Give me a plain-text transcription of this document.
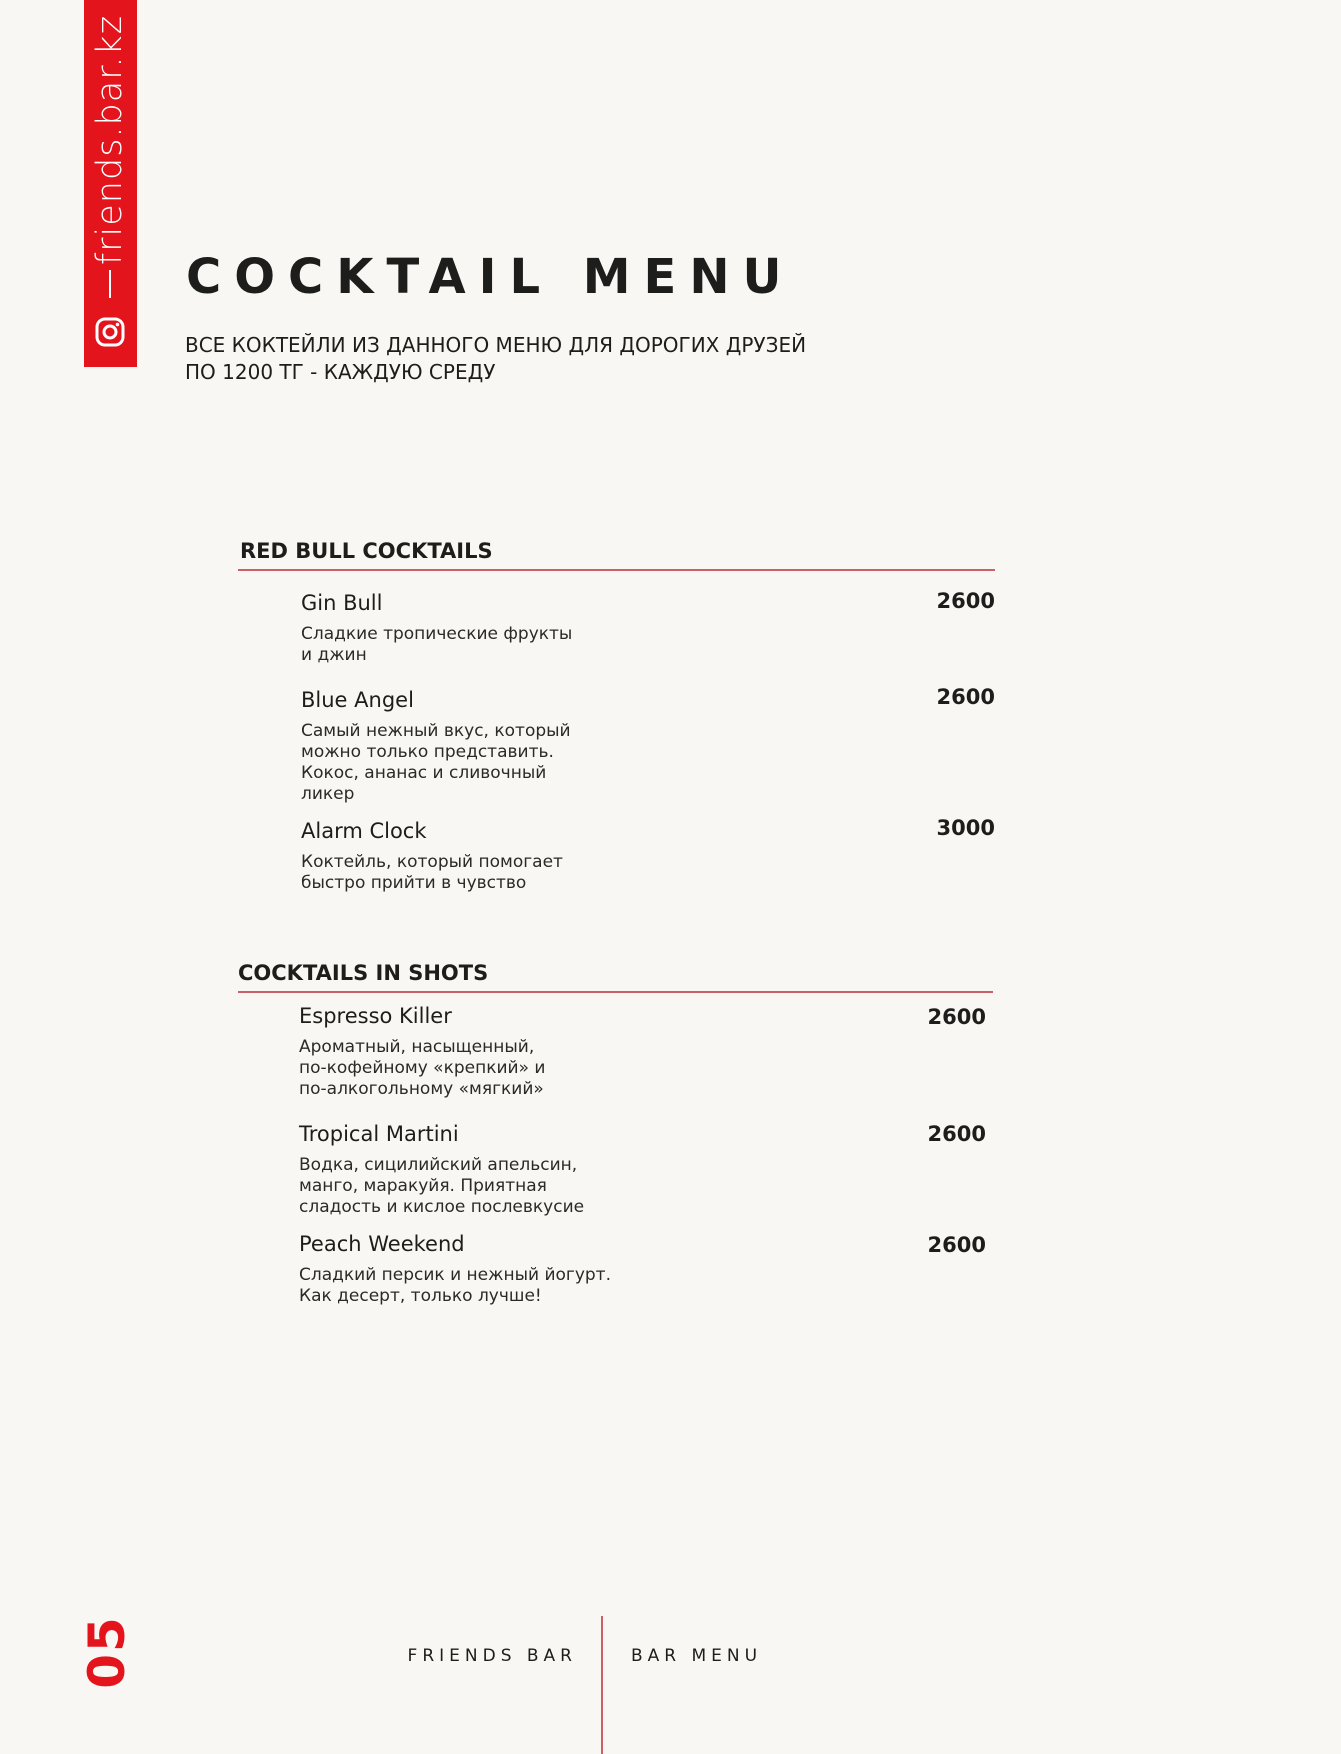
friends.bar.kz
COCKTAIL MENU
ВСЕ КОКТЕЙЛИ ИЗ ДАННОГО МЕНЮ ДЛЯ ДОРОГИХ ДРУЗЕЙ
ПО 1200 ТГ - КАЖДУЮ СРЕДУ
RED BULL COCKTAILS
Gin Bull	2600
Сладкие тропические фрукты
и джин
Blue Angel	2600
Самый нежный вкус, который
можно только представить.
Кокос, ананас и сливочный
ликер
Alarm Clock	3000
Коктейль, который помогает
быстро прийти в чувство
COCKTAILS IN SHOTS
Espresso Killer	2600
Ароматный, насыщенный,
по-кофейному «крепкий» и
по-алкогольному «мягкий»
Tropical Martini	2600
Водка, сицилийский апельсин,
манго, маракуйя. Приятная
сладость и кислое послевкусие
Peach Weekend	2600
Сладкий персик и нежный йогурт.
Как десерт, только лучше!
05	FRIENDS BAR	BAR MENU
